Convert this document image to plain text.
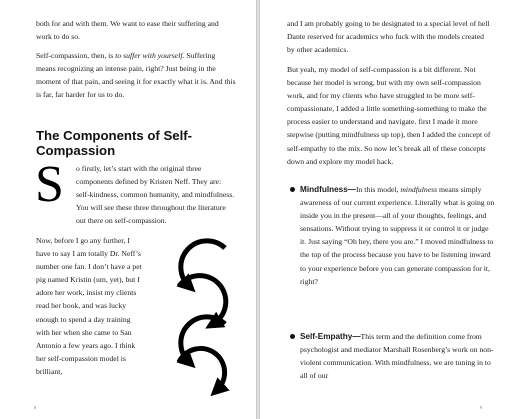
both for and with them. We want to ease their suffering and work to do so.

Self-compassion, then, is to suffer with yourself. Suffering means recognizing an intense pain, right? Just being in the moment of that pain, and seeing it for exactly what it is. And this is far, far harder for us to do.

The Components of Self-Compassion
S o firstly, let’s start with the original three components defined by Kristen Neff. They are: self-kindness, common humanity, and mindfulness. You will see these three throughout the literature out there on self-compassion.

Now, before I go any further, I have to say I am totally Dr. Neff’s number one fan. I don’t have a pet pig named Kristin (um, yet), but I adore her work, insist my clients read her book, and was lucky enough to spend a day training with her when she came to San Antonio a few years ago. I think her self-compassion model is brilliant,

8

and I am probably going to be designated to a special level of hell Dante reserved for academics who fuck with the models created by other academics.

But yeah, my model of self-compassion is a bit different. Not because her model is wrong, but with my own self-compassion work, and for my clients who have struggled to be more self-compassionate, I added a little something-something to make the process easier to understand and navigate. first I made it more stepwise (putting mindfulness up top), then I added the concept of self-empathy to the mix. So now let’s break all of these concepts down and explore my model hack.

Mindfulness—In this model, mindfulness means simply awareness of our current experience. Literally what is going on inside you in the present—all of your thoughts, feelings, and sensations. Without trying to suppress it or control it or judge it. Just saying “Oh hey, there you are.” I moved mindfulness to the top of the process because you have to be listening inward to your experience before you can generate compassion for it, right?

Self-Empathy—This term and the definition come from psychologist and mediator Marshall Rosenberg’s work on non-violent communication. With mindfulness, we are tuning in to all of our

9
